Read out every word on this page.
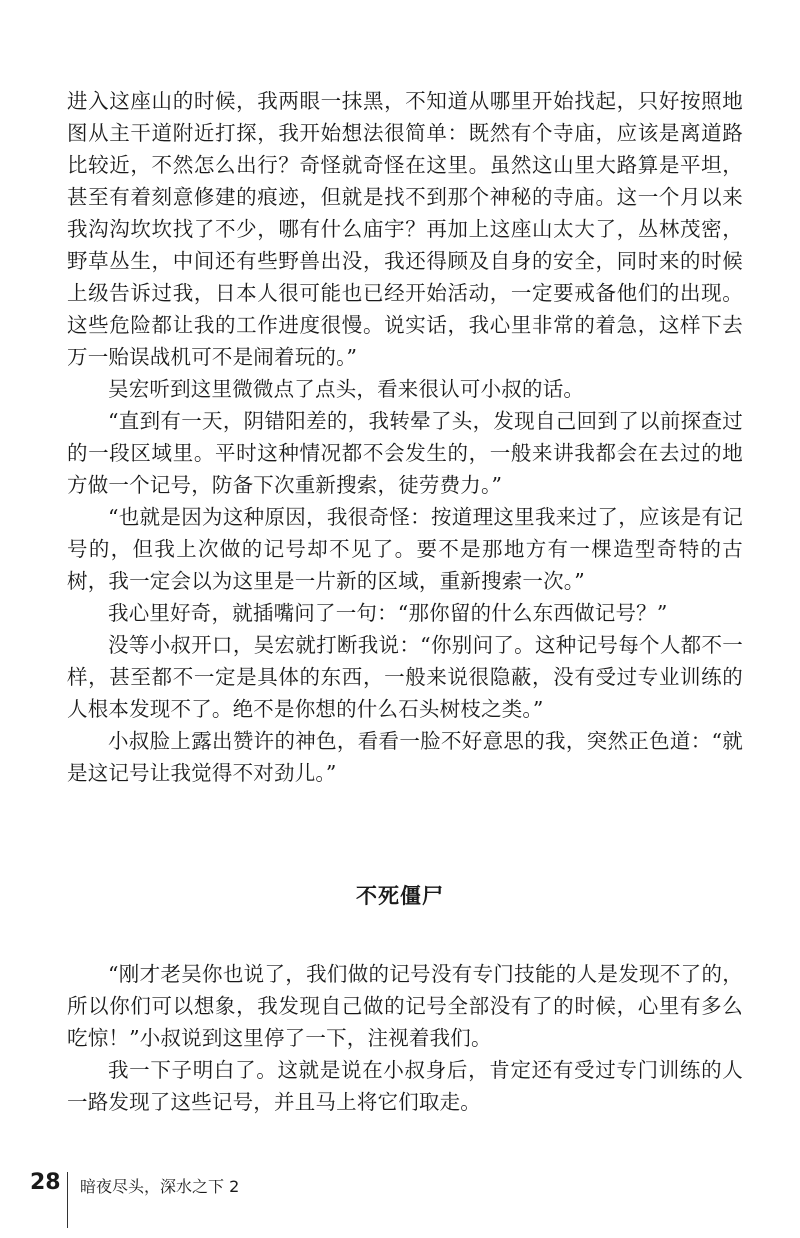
进入这座山的时候，我两眼一抹黑，不知道从哪里开始找起，只好按照地图从主干道附近打探，我开始想法很简单：既然有个寺庙，应该是离道路比较近，不然怎么出行？奇怪就奇怪在这里。虽然这山里大路算是平坦，甚至有着刻意修建的痕迹，但就是找不到那个神秘的寺庙。这一个月以来我沟沟坎坎找了不少，哪有什么庙宇？再加上这座山太大了，丛林茂密，野草丛生，中间还有些野兽出没，我还得顾及自身的安全，同时来的时候上级告诉过我，日本人很可能也已经开始活动，一定要戒备他们的出现。这些危险都让我的工作进度很慢。说实话，我心里非常的着急，这样下去万一贻误战机可不是闹着玩的。”

吴宏听到这里微微点了点头，看来很认可小叔的话。

“直到有一天，阴错阳差的，我转晕了头，发现自己回到了以前探查过的一段区域里。平时这种情况都不会发生的，一般来讲我都会在去过的地方做一个记号，防备下次重新搜索，徒劳费力。”

“也就是因为这种原因，我很奇怪：按道理这里我来过了，应该是有记号的，但我上次做的记号却不见了。要不是那地方有一棵造型奇特的古树，我一定会以为这里是一片新的区域，重新搜索一次。”

我心里好奇，就插嘴问了一句：“那你留的什么东西做记号？”

没等小叔开口，吴宏就打断我说：“你别问了。这种记号每个人都不一样，甚至都不一定是具体的东西，一般来说很隐蔽，没有受过专业训练的人根本发现不了。绝不是你想的什么石头树枝之类。”

小叔脸上露出赞许的神色，看看一脸不好意思的我，突然正色道：“就是这记号让我觉得不对劲儿。”

不死僵尸

“刚才老吴你也说了，我们做的记号没有专门技能的人是发现不了的，所以你们可以想象，我发现自己做的记号全部没有了的时候，心里有多么吃惊！”小叔说到这里停了一下，注视着我们。

我一下子明白了。这就是说在小叔身后，肯定还有受过专门训练的人一路发现了这些记号，并且马上将它们取走。

28 暗夜尽头，深水之下 2
